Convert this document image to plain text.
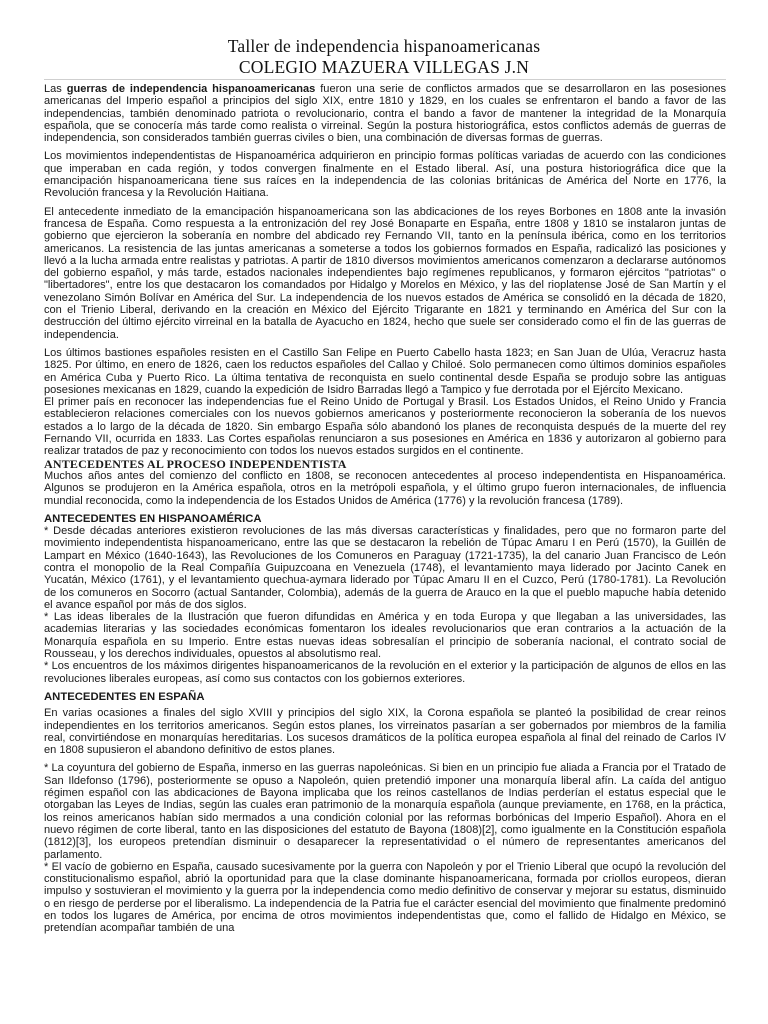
Taller de independencia hispanoamericanas
COLEGIO MAZUERA VILLEGAS J.N

Las guerras de independencia hispanoamericanas fueron una serie de conflictos armados que se desarrollaron en las posesiones americanas del Imperio español a principios del siglo XIX, entre 1810 y 1829, en los cuales se enfrentaron el bando a favor de las independencias, también denominado patriota o revolucionario, contra el bando a favor de mantener la integridad de la Monarquía española, que se conocería más tarde como realista o virreinal. Según la postura historiográfica, estos conflictos además de guerras de independencia, son considerados también guerras civiles o bien, una combinación de diversas formas de guerras.

Los movimientos independentistas de Hispanoamérica adquirieron en principio formas políticas variadas de acuerdo con las condiciones que imperaban en cada región, y todos convergen finalmente en el Estado liberal. Así, una postura historiográfica dice que la emancipación hispanoamericana tiene sus raíces en la independencia de las colonias británicas de América del Norte en 1776, la Revolución francesa y la Revolución Haitiana.

El antecedente inmediato de la emancipación hispanoamericana son las abdicaciones de los reyes Borbones en 1808 ante la invasión francesa de España. Como respuesta a la entronización del rey José Bonaparte en España, entre 1808 y 1810 se instalaron juntas de gobierno que ejercieron la soberanía en nombre del abdicado rey Fernando VII, tanto en la península ibérica, como en los territorios americanos. La resistencia de las juntas americanas a someterse a todos los gobiernos formados en España, radicalizó las posiciones y llevó a la lucha armada entre realistas y patriotas. A partir de 1810 diversos movimientos americanos comenzaron a declararse autónomos del gobierno español, y más tarde, estados nacionales independientes bajo regímenes republicanos, y formaron ejércitos "patriotas" o "libertadores", entre los que destacaron los comandados por Hidalgo y Morelos en México, y las del rioplatense José de San Martín y el venezolano Simón Bolívar en América del Sur. La independencia de los nuevos estados de América se consolidó en la década de 1820, con el Trienio Liberal, derivando en la creación en México del Ejército Trigarante en 1821 y terminando en América del Sur con la destrucción del último ejército virreinal en la batalla de Ayacucho en 1824, hecho que suele ser considerado como el fin de las guerras de independencia.

Los últimos bastiones españoles resisten en el Castillo San Felipe en Puerto Cabello hasta 1823; en San Juan de Ulúa, Veracruz hasta 1825. Por último, en enero de 1826, caen los reductos españoles del Callao y Chiloé. Solo permanecen como últimos dominios españoles en América Cuba y Puerto Rico. La última tentativa de reconquista en suelo continental desde España se produjo sobre las antiguas posesiones mexicanas en 1829, cuando la expedición de Isidro Barradas llegó a Tampico y fue derrotada por el Ejército Mexicano.

El primer país en reconocer las independencias fue el Reino Unido de Portugal y Brasil. Los Estados Unidos, el Reino Unido y Francia establecieron relaciones comerciales con los nuevos gobiernos americanos y posteriormente reconocieron la soberanía de los nuevos estados a lo largo de la década de 1820. Sin embargo España sólo abandonó los planes de reconquista después de la muerte del rey Fernando VII, ocurrida en 1833. Las Cortes españolas renunciaron a sus posesiones en América en 1836 y autorizaron al gobierno para realizar tratados de paz y reconocimiento con todos los nuevos estados surgidos en el continente.

ANTECEDENTES AL PROCESO INDEPENDENTISTA

Muchos años antes del comienzo del conflicto en 1808, se reconocen antecedentes al proceso independentista en Hispanoamérica. Algunos se produjeron en la América española, otros en la metrópoli española, y el último grupo fueron internacionales, de influencia mundial reconocida, como la independencia de los Estados Unidos de América (1776) y la revolución francesa (1789).

ANTECEDENTES EN HISPANOAMÉRICA

* Desde décadas anteriores existieron revoluciones de las más diversas características y finalidades, pero que no formaron parte del movimiento independentista hispanoamericano, entre las que se destacaron la rebelión de Túpac Amaru I en Perú (1570), la Guillén de Lampart en México (1640-1643), las Revoluciones de los Comuneros en Paraguay (1721-1735), la del canario Juan Francisco de León contra el monopolio de la Real Compañía Guipuzcoana en Venezuela (1748), el levantamiento maya liderado por Jacinto Canek en Yucatán, México (1761), y el levantamiento quechua-aymara liderado por Túpac Amaru II en el Cuzco, Perú (1780-1781). La Revolución de los comuneros en Socorro (actual Santander, Colombia), además de la guerra de Arauco en la que el pueblo mapuche había detenido el avance español por más de dos siglos.

* Las ideas liberales de la Ilustración que fueron difundidas en América y en toda Europa y que llegaban a las universidades, las academias literarias y las sociedades económicas fomentaron los ideales revolucionarios que eran contrarios a la actuación de la Monarquía española en su Imperio. Entre estas nuevas ideas sobresalían el principio de soberanía nacional, el contrato social de Rousseau, y los derechos individuales, opuestos al absolutismo real.

* Los encuentros de los máximos dirigentes hispanoamericanos de la revolución en el exterior y la participación de algunos de ellos en las revoluciones liberales europeas, así como sus contactos con los gobiernos exteriores.

ANTECEDENTES EN ESPAÑA

En varias ocasiones a finales del siglo XVIII y principios del siglo XIX, la Corona española se planteó la posibilidad de crear reinos independientes en los territorios americanos. Según estos planes, los virreinatos pasarían a ser gobernados por miembros de la familia real, convirtiéndose en monarquías hereditarias. Los sucesos dramáticos de la política europea española al final del reinado de Carlos IV en 1808 supusieron el abandono definitivo de estos planes.

* La coyuntura del gobierno de España, inmerso en las guerras napoleónicas. Si bien en un principio fue aliada a Francia por el Tratado de San Ildefonso (1796), posteriormente se opuso a Napoleón, quien pretendió imponer una monarquía liberal afín. La caída del antiguo régimen español con las abdicaciones de Bayona implicaba que los reinos castellanos de Indias perderían el estatus especial que le otorgaban las Leyes de Indias, según las cuales eran patrimonio de la monarquía española (aunque previamente, en 1768, en la práctica, los reinos americanos habían sido mermados a una condición colonial por las reformas borbónicas del Imperio Español). Ahora en el nuevo régimen de corte liberal, tanto en las disposiciones del estatuto de Bayona (1808)[2], como igualmente en la Constitución española (1812)[3], los europeos pretendían disminuir o desaparecer la representatividad o el número de representantes americanos del parlamento.

* El vacío de gobierno en España, causado sucesivamente por la guerra con Napoleón y por el Trienio Liberal que ocupó la revolución del constitucionalismo español, abrió la oportunidad para que la clase dominante hispanoamericana, formada por criollos europeos, dieran impulso y sostuvieran el movimiento y la guerra por la independencia como medio definitivo de conservar y mejorar su estatus, disminuido o en riesgo de perderse por el liberalismo. La independencia de la Patria fue el carácter esencial del movimiento que finalmente predominó en todos los lugares de América, por encima de otros movimientos independentistas que, como el fallido de Hidalgo en México, se pretendían acompañar también de una
